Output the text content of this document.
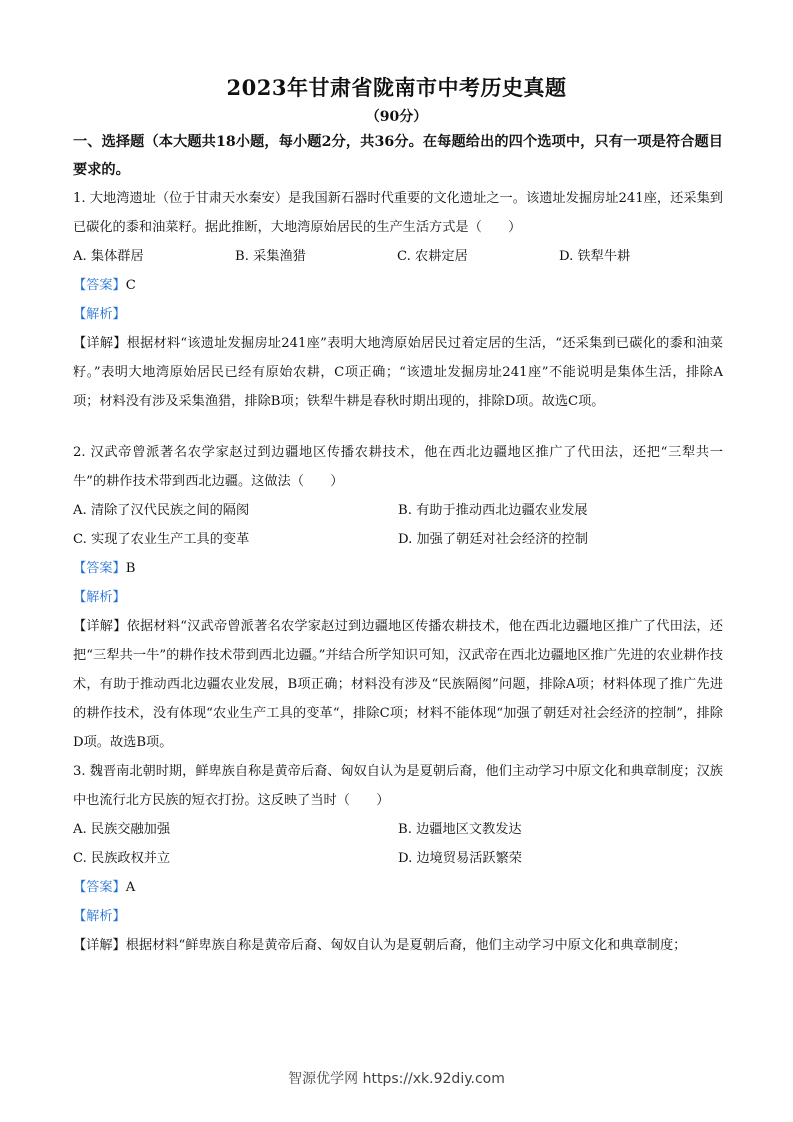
2023年甘肃省陇南市中考历史真题
（90分）
一、选择题（本大题共18小题，每小题2分，共36分。在每题给出的四个选项中，只有一项是符合题目要求的。

1. 大地湾遗址（位于甘肃天水秦安）是我国新石器时代重要的文化遗址之一。该遗址发掘房址241座，还采集到已碳化的黍和油菜籽。据此推断，大地湾原始居民的生产生活方式是（　　）

A. 集体群居	B. 采集渔猎	C. 农耕定居	D. 铁犁牛耕

【答案】C

【解析】

【详解】根据材料“该遗址发掘房址241座”表明大地湾原始居民过着定居的生活，“还采集到已碳化的黍和油菜籽。”表明大地湾原始居民已经有原始农耕，C项正确；“该遗址发掘房址241座”不能说明是集体生活，排除A项；材料没有涉及采集渔猎，排除B项；铁犁牛耕是春秋时期出现的，排除D项。故选C项。

2. 汉武帝曾派著名农学家赵过到边疆地区传播农耕技术，他在西北边疆地区推广了代田法，还把“三犁共一牛”的耕作技术带到西北边疆。这做法（　　）

A. 清除了汉代民族之间的隔阂	B. 有助于推动西北边疆农业发展
C. 实现了农业生产工具的变革	D. 加强了朝廷对社会经济的控制

【答案】B

【解析】

【详解】依据材料“汉武帝曾派著名农学家赵过到边疆地区传播农耕技术，他在西北边疆地区推广了代田法，还把“三犁共一牛”的耕作技术带到西北边疆。”并结合所学知识可知，汉武帝在西北边疆地区推广先进的农业耕作技术，有助于推动西北边疆农业发展，B项正确；材料没有涉及“民族隔阂”问题，排除A项；材料体现了推广先进的耕作技术，没有体现“农业生产工具的变革“，排除C项；材料不能体现“加强了朝廷对社会经济的控制”，排除D项。故选B项。

3. 魏晋南北朝时期，鲜卑族自称是黄帝后裔、匈奴自认为是夏朝后裔，他们主动学习中原文化和典章制度；汉族中也流行北方民族的短衣打扮。这反映了当时（　　）

A. 民族交融加强	B. 边疆地区文教发达
C. 民族政权并立	D. 边境贸易活跃繁荣

【答案】A

【解析】

【详解】根据材料“鲜卑族自称是黄帝后裔、匈奴自认为是夏朝后裔，他们主动学习中原文化和典章制度；

智源优学网 https://xk.92diy.com
